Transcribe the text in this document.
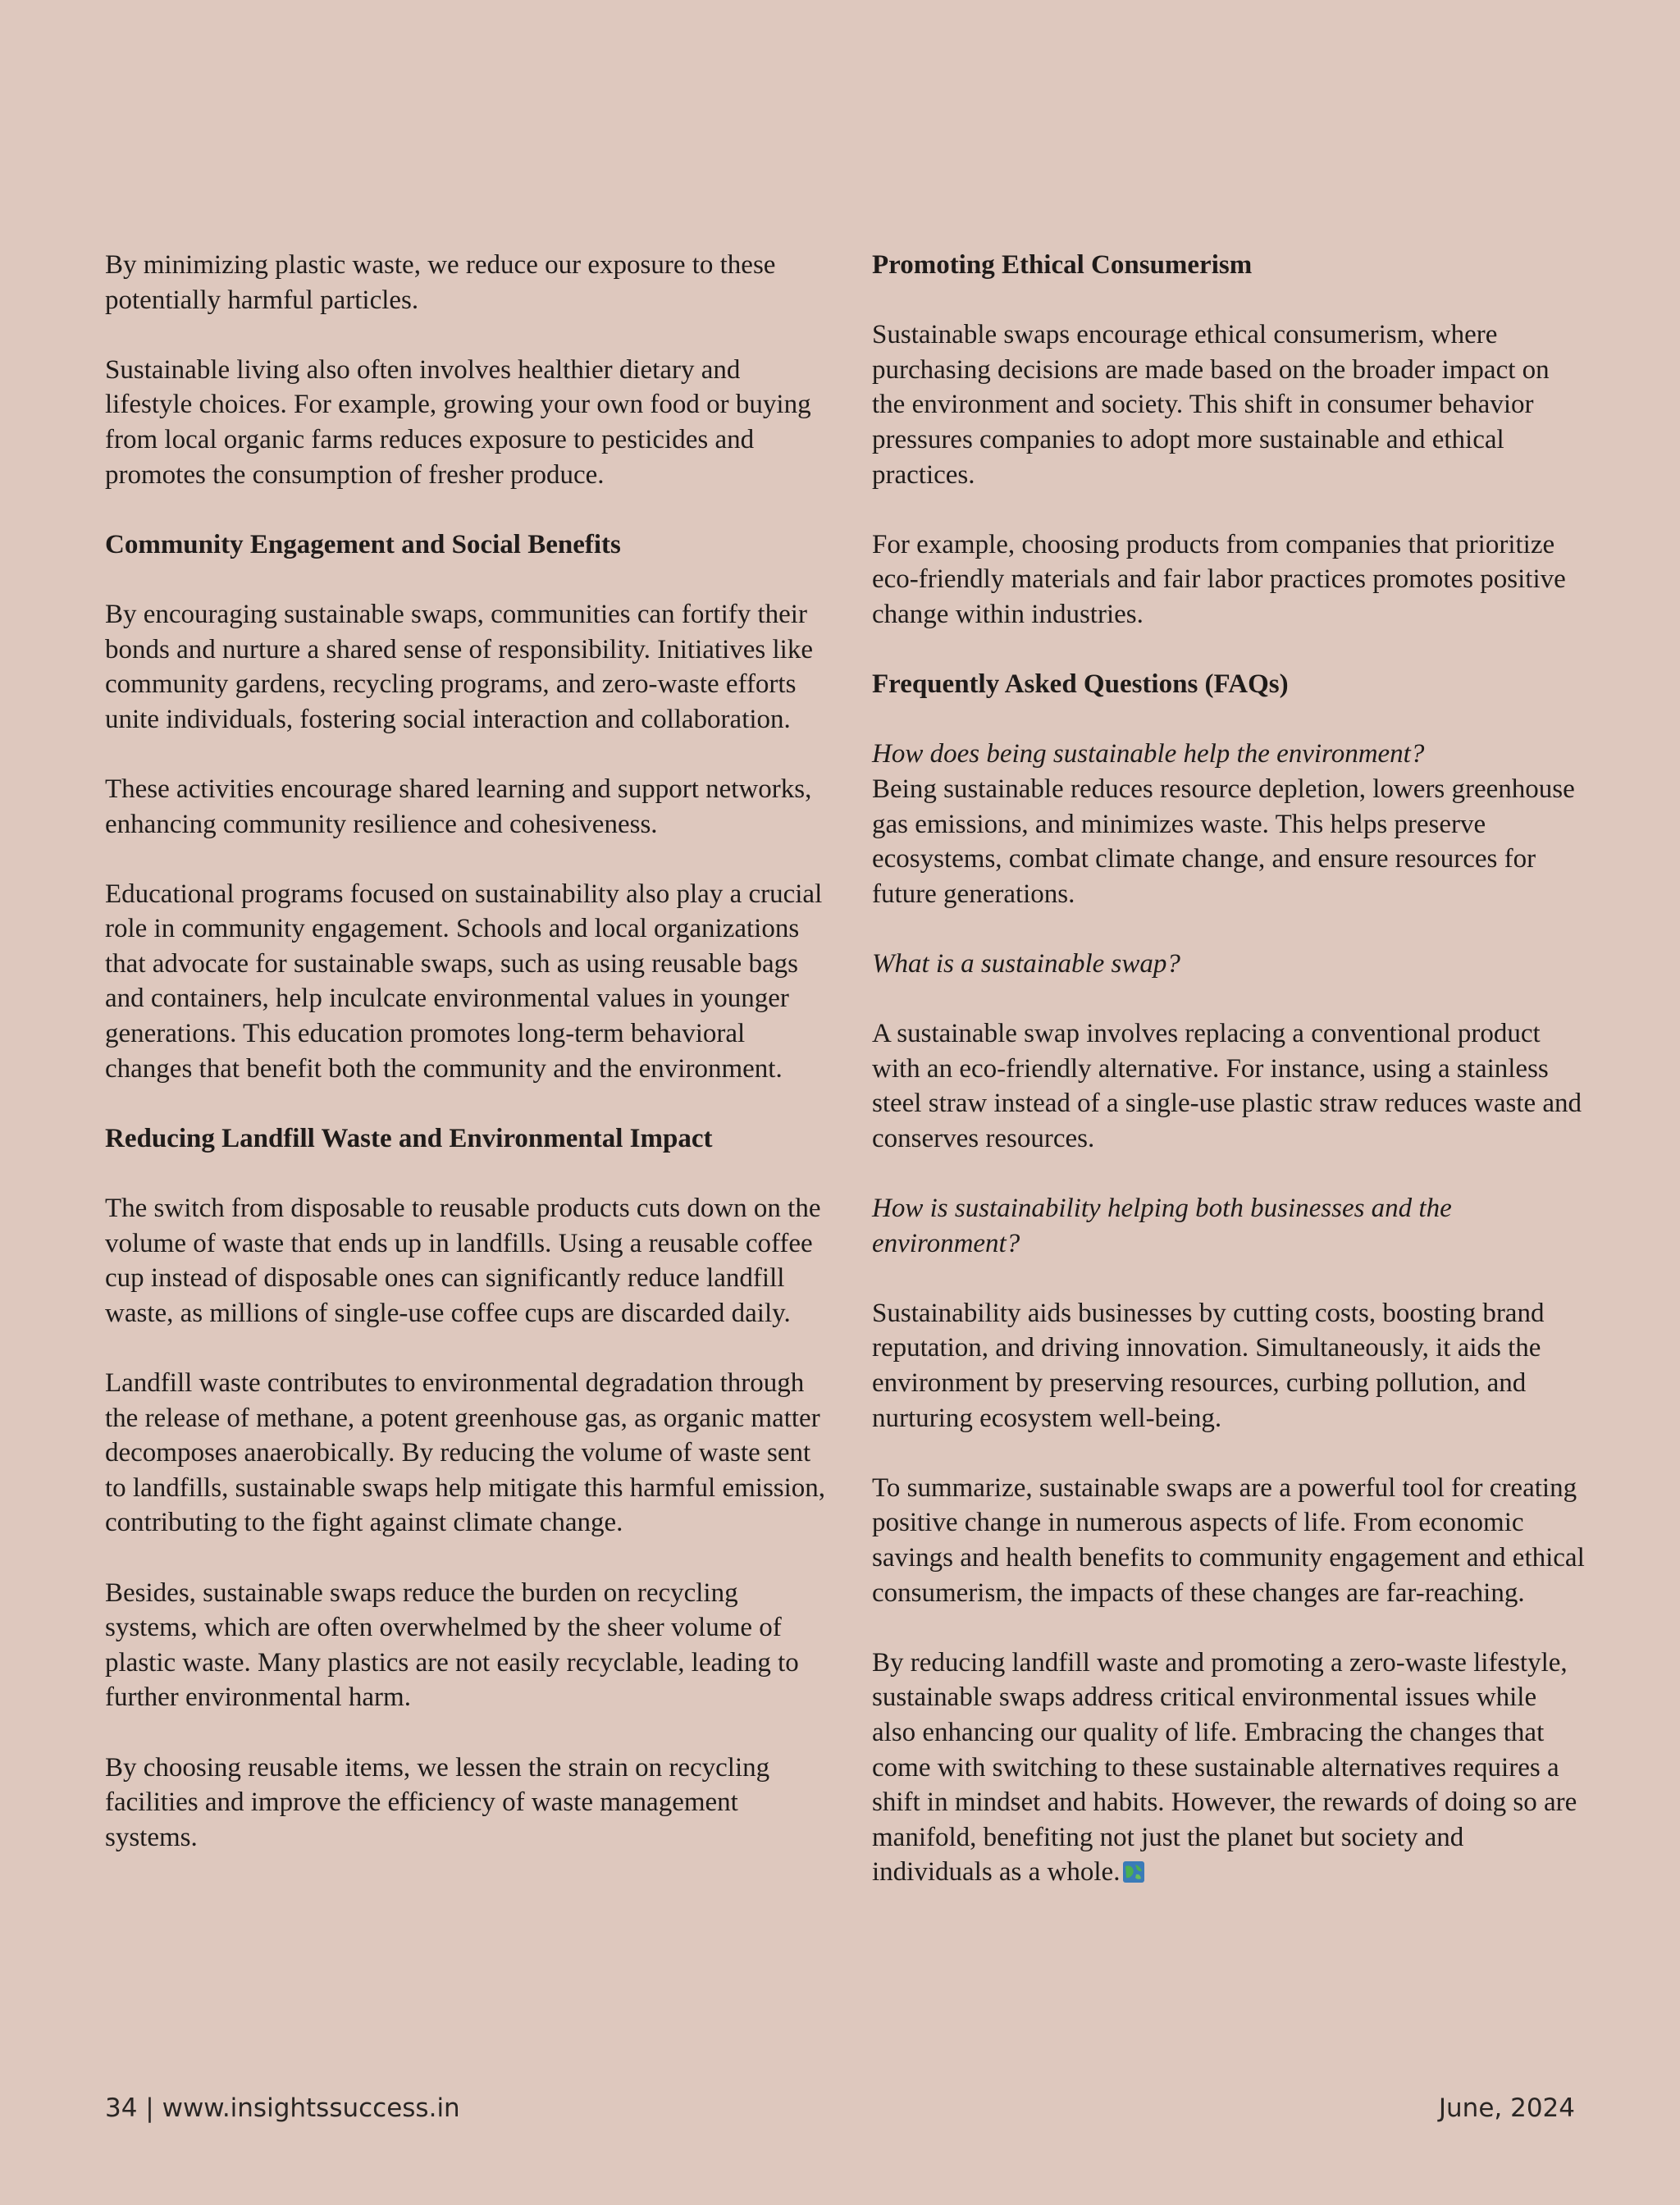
By minimizing plastic waste, we reduce our exposure to these potentially harmful particles.

Sustainable living also often involves healthier dietary and lifestyle choices. For example, growing your own food or buying from local organic farms reduces exposure to pesticides and promotes the consumption of fresher produce.

Community Engagement and Social Benefits

By encouraging sustainable swaps, communities can fortify their bonds and nurture a shared sense of responsibility. Initiatives like community gardens, recycling programs, and zero-waste efforts unite individuals, fostering social interaction and collaboration.

These activities encourage shared learning and support networks, enhancing community resilience and cohesiveness.

Educational programs focused on sustainability also play a crucial role in community engagement. Schools and local organizations that advocate for sustainable swaps, such as using reusable bags and containers, help inculcate environmental values in younger generations. This education promotes long-term behavioral changes that benefit both the community and the environment.

Reducing Landfill Waste and Environmental Impact

The switch from disposable to reusable products cuts down on the volume of waste that ends up in landfills. Using a reusable coffee cup instead of disposable ones can significantly reduce landfill waste, as millions of single-use coffee cups are discarded daily.

Landfill waste contributes to environmental degradation through the release of methane, a potent greenhouse gas, as organic matter decomposes anaerobically. By reducing the volume of waste sent to landfills, sustainable swaps help mitigate this harmful emission, contributing to the fight against climate change.

Besides, sustainable swaps reduce the burden on recycling systems, which are often overwhelmed by the sheer volume of plastic waste. Many plastics are not easily recyclable, leading to further environmental harm.

By choosing reusable items, we lessen the strain on recycling facilities and improve the efficiency of waste management systems.

Promoting Ethical Consumerism

Sustainable swaps encourage ethical consumerism, where purchasing decisions are made based on the broader impact on the environment and society. This shift in consumer behavior pressures companies to adopt more sustainable and ethical practices.

For example, choosing products from companies that prioritize eco-friendly materials and fair labor practices promotes positive change within industries.

Frequently Asked Questions (FAQs)

How does being sustainable help the environment?

Being sustainable reduces resource depletion, lowers greenhouse gas emissions, and minimizes waste. This helps preserve ecosystems, combat climate change, and ensure resources for future generations.

What is a sustainable swap?

A sustainable swap involves replacing a conventional product with an eco-friendly alternative. For instance, using a stainless steel straw instead of a single-use plastic straw reduces waste and conserves resources.

How is sustainability helping both businesses and the environment?

Sustainability aids businesses by cutting costs, boosting brand reputation, and driving innovation. Simultaneously, it aids the environment by preserving resources, curbing pollution, and nurturing ecosystem well-being.

To summarize, sustainable swaps are a powerful tool for creating positive change in numerous aspects of life. From economic savings and health benefits to community engagement and ethical consumerism, the impacts of these changes are far-reaching.

By reducing landfill waste and promoting a zero-waste lifestyle, sustainable swaps address critical environmental issues while also enhancing our quality of life. Embracing the changes that come with switching to these sustainable alternatives requires a shift in mindset and habits. However, the rewards of doing so are manifold, benefiting not just the planet but society and individuals as a whole.

34 | www.insightssuccess.in	June, 2024
